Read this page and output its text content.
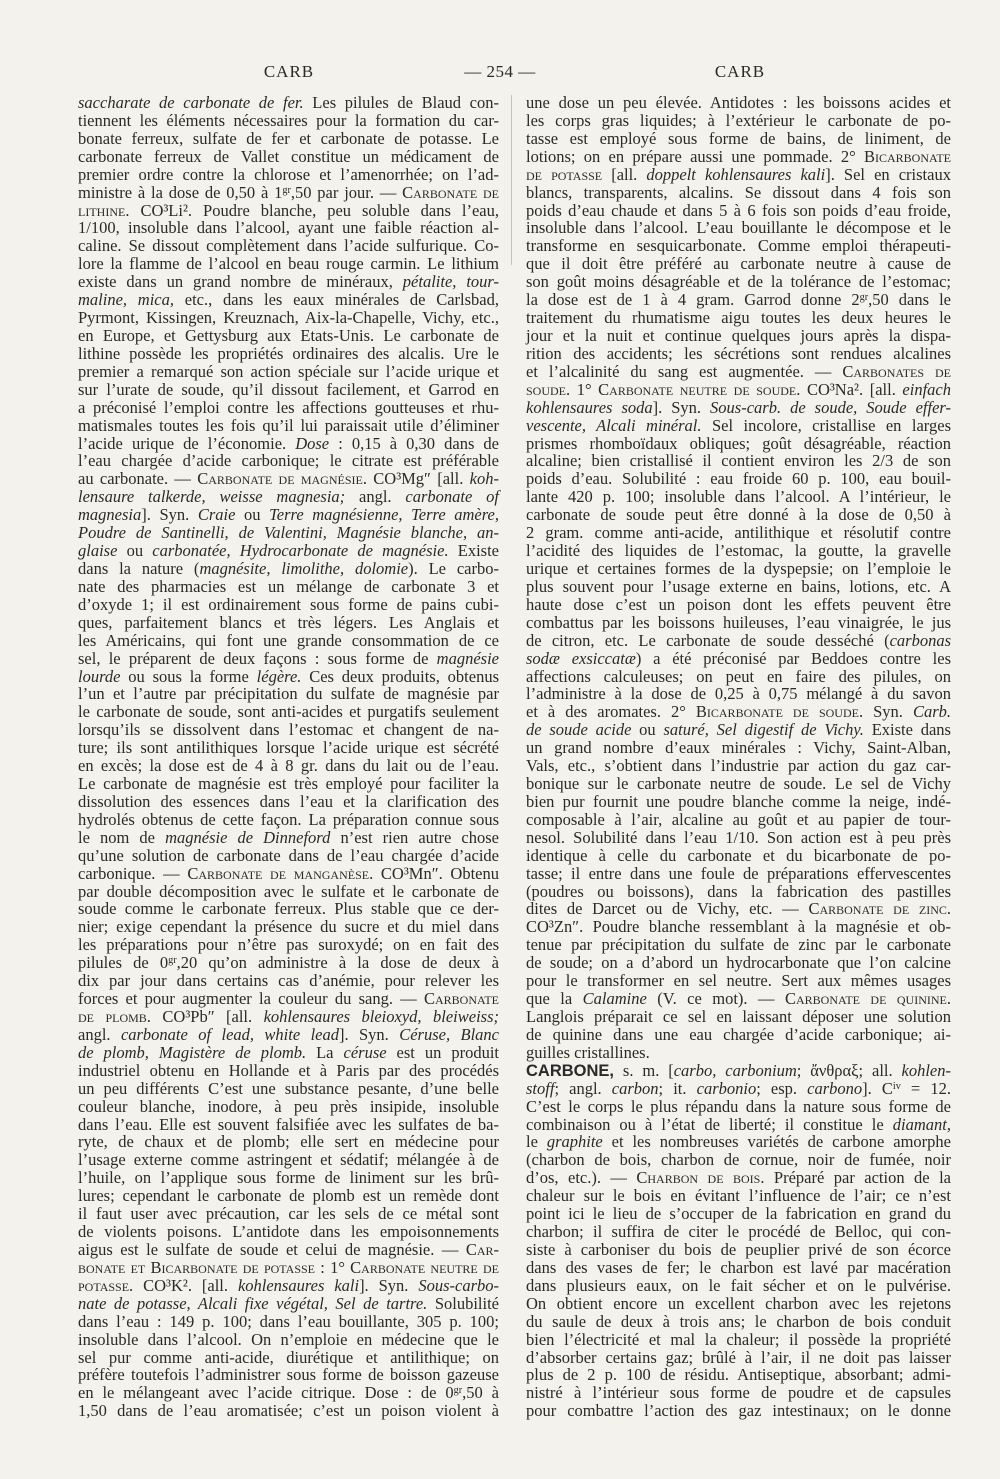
CARB	— 254 —	CARB
saccharate de carbonate de fer. Les pilules de Blaud con-
tiennent les éléments nécessaires pour la formation du car-
bonate ferreux, sulfate de fer et carbonate de potasse. Le
carbonate ferreux de Vallet constitue un médicament de
premier ordre contre la chlorose et l’amenorrhée; on l’ad-
ministre à la dose de 0,50 à $1^{gr},50$ par jour. — Carbonate de
lithine. CO³Li². Poudre blanche, peu soluble dans l’eau,
1/100, insoluble dans l’alcool, ayant une faible réaction al-
caline. Se dissout complètement dans l’acide sulfurique. Co-
lore la flamme de l’alcool en beau rouge carmin. Le lithium
existe dans un grand nombre de minéraux, pétalite, tour-
maline, mica, etc., dans les eaux minérales de Carlsbad,
Pyrmont, Kissingen, Kreuznach, Aix-la-Chapelle, Vichy, etc.,
en Europe, et Gettysburg aux Etats-Unis. Le carbonate de
lithine possède les propriétés ordinaires des alcalis. Ure le
premier a remarqué son action spéciale sur l’acide urique et
sur l’urate de soude, qu’il dissout facilement, et Garrod en
a préconisé l’emploi contre les affections goutteuses et rhu-
matismales toutes les fois qu’il lui paraissait utile d’éliminer
l’acide urique de l’économie. Dose : 0,15 à 0,30 dans de
l’eau chargée d’acide carbonique; le citrate est préférable
au carbonate. — Carbonate de magnésie. CO³Mg″ [all. koh-
lensaure talkerde, weisse magnesia; angl. carbonate of
magnesia]. Syn. Craie ou Terre magnésienne, Terre amère,
Poudre de Santinelli, de Valentini, Magnésie blanche, an-
glaise ou carbonatée, Hydrocarbonate de magnésie. Existe
dans la nature (magnésite, limolithe, dolomie). Le carbo-
nate des pharmacies est un mélange de carbonate 3 et
d’oxyde 1; il est ordinairement sous forme de pains cubi-
ques, parfaitement blancs et très légers. Les Anglais et
les Américains, qui font une grande consommation de ce
sel, le préparent de deux façons : sous forme de magnésie
lourde ou sous la forme légère. Ces deux produits, obtenus
l’un et l’autre par précipitation du sulfate de magnésie par
le carbonate de soude, sont anti-acides et purgatifs seulement
lorsqu’ils se dissolvent dans l’estomac et changent de na-
ture; ils sont antilithiques lorsque l’acide urique est sécrété
en excès; la dose est de 4 à 8 gr. dans du lait ou de l’eau.
Le carbonate de magnésie est très employé pour faciliter la
dissolution des essences dans l’eau et la clarification des
hydrolés obtenus de cette façon. La préparation connue sous
le nom de magnésie de Dinneford n’est rien autre chose
qu’une solution de carbonate dans de l’eau chargée d’acide
carbonique. — Carbonate de manganèse. CO³Mn″. Obtenu
par double décomposition avec le sulfate et le carbonate de
soude comme le carbonate ferreux. Plus stable que ce der-
nier; exige cependant la présence du sucre et du miel dans
les préparations pour n’être pas suroxydé; on en fait des
pilules de $0^{gr},20$ qu’on administre à la dose de deux à
dix par jour dans certains cas d’anémie, pour relever les
forces et pour augmenter la couleur du sang. — Carbonate
de plomb. CO³Pb″ [all. kohlensaures bleioxyd, bleiweiss;
angl. carbonate of lead, white lead]. Syn. Céruse, Blanc
de plomb, Magistère de plomb. La céruse est un produit
industriel obtenu en Hollande et à Paris par des procédés
un peu différents C’est une substance pesante, d’une belle
couleur blanche, inodore, à peu près insipide, insoluble
dans l’eau. Elle est souvent falsifiée avec les sulfates de ba-
ryte, de chaux et de plomb; elle sert en médecine pour
l’usage externe comme astringent et sédatif; mélangée à de
l’huile, on l’applique sous forme de liniment sur les brû-
lures; cependant le carbonate de plomb est un remède dont
il faut user avec précaution, car les sels de ce métal sont
de violents poisons. L’antidote dans les empoisonnements
aigus est le sulfate de soude et celui de magnésie. — Car-
bonate et Bicarbonate de potasse : 1° Carbonate neutre de
potasse. CO³K². [all. kohlensaures kali]. Syn. Sous-carbo-
nate de potasse, Alcali fixe végétal, Sel de tartre. Solubilité
dans l’eau : 149 p. 100; dans l’eau bouillante, 305 p. 100;
insoluble dans l’alcool. On n’emploie en médecine que le
sel pur comme anti-acide, diurétique et antilithique; on
préfère toutefois l’administrer sous forme de boisson gazeuse
en le mélangeant avec l’acide citrique. Dose : de $0^{gr},50$ à
1,50 dans de l’eau aromatisée; c’est un poison violent à
une dose un peu élevée. Antidotes : les boissons acides et
les corps gras liquides; à l’extérieur le carbonate de po-
tasse est employé sous forme de bains, de liniment, de
lotions; on en prépare aussi une pommade. 2° Bicarbonate
de potasse [all. doppelt kohlensaures kali]. Sel en cristaux
blancs, transparents, alcalins. Se dissout dans 4 fois son
poids d’eau chaude et dans 5 à 6 fois son poids d’eau froide,
insoluble dans l’alcool. L’eau bouillante le décompose et le
transforme en sesquicarbonate. Comme emploi thérapeuti-
que il doit être préféré au carbonate neutre à cause de
son goût moins désagréable et de la tolérance de l’estomac;
la dose est de 1 à 4 gram. Garrod donne $2^{gr},50$ dans le
traitement du rhumatisme aigu toutes les deux heures le
jour et la nuit et continue quelques jours après la dispa-
rition des accidents; les sécrétions sont rendues alcalines
et l’alcalinité du sang est augmentée. — Carbonates de
soude. 1° Carbonate neutre de soude. CO³Na². [all. einfach
kohlensaures soda]. Syn. Sous-carb. de soude, Soude effer-
vescente, Alcali minéral. Sel incolore, cristallise en larges
prismes rhomboïdaux obliques; goût désagréable, réaction
alcaline; bien cristallisé il contient environ les 2/3 de son
poids d’eau. Solubilité : eau froide 60 p. 100, eau bouil-
lante 420 p. 100; insoluble dans l’alcool. A l’intérieur, le
carbonate de soude peut être donné à la dose de 0,50 à
2 gram. comme anti-acide, antilithique et résolutif contre
l’acidité des liquides de l’estomac, la goutte, la gravelle
urique et certaines formes de la dyspepsie; on l’emploie le
plus souvent pour l’usage externe en bains, lotions, etc. A
haute dose c’est un poison dont les effets peuvent être
combattus par les boissons huileuses, l’eau vinaigrée, le jus
de citron, etc. Le carbonate de soude desséché (carbonas
sodæ exsiccatæ) a été préconisé par Beddoes contre les
affections calculeuses; on peut en faire des pilules, on
l’administre à la dose de 0,25 à 0,75 mélangé à du savon
et à des aromates. 2° Bicarbonate de soude. Syn. Carb.
de soude acide ou saturé, Sel digestif de Vichy. Existe dans
un grand nombre d’eaux minérales : Vichy, Saint-Alban,
Vals, etc., s’obtient dans l’industrie par action du gaz car-
bonique sur le carbonate neutre de soude. Le sel de Vichy
bien pur fournit une poudre blanche comme la neige, indé-
composable à l’air, alcaline au goût et au papier de tour-
nesol. Solubilité dans l’eau 1/10. Son action est à peu près
identique à celle du carbonate et du bicarbonate de po-
tasse; il entre dans une foule de préparations effervescentes
(poudres ou boissons), dans la fabrication des pastilles
dites de Darcet ou de Vichy, etc. — Carbonate de zinc.
CO³Zn″. Poudre blanche ressemblant à la magnésie et ob-
tenue par précipitation du sulfate de zinc par le carbonate
de soude; on a d’abord un hydrocarbonate que l’on calcine
pour le transformer en sel neutre. Sert aux mêmes usages
que la Calamine (V. ce mot). — Carbonate de quinine.
Langlois préparait ce sel en laissant déposer une solution
de quinine dans une eau chargée d’acide carbonique; ai-
guilles cristallines.
CARBONE, s. m. [carbo, carbonium; ἄνθραξ; all. kohlen-
stoff; angl. carbon; it. carbonio; esp. carbono]. $C^{iv} = 12$.
C’est le corps le plus répandu dans la nature sous forme de
combinaison ou à l’état de liberté; il constitue le diamant,
le graphite et les nombreuses variétés de carbone amorphe
(charbon de bois, charbon de cornue, noir de fumée, noir
d’os, etc.). — Charbon de bois. Préparé par action de la
chaleur sur le bois en évitant l’influence de l’air; ce n’est
point ici le lieu de s’occuper de la fabrication en grand du
charbon; il suffira de citer le procédé de Belloc, qui con-
siste à carboniser du bois de peuplier privé de son écorce
dans des vases de fer; le charbon est lavé par macération
dans plusieurs eaux, on le fait sécher et on le pulvérise.
On obtient encore un excellent charbon avec les rejetons
du saule de deux à trois ans; le charbon de bois conduit
bien l’électricité et mal la chaleur; il possède la propriété
d’absorber certains gaz; brûlé à l’air, il ne doit pas laisser
plus de 2 p. 100 de résidu. Antiseptique, absorbant; admi-
nistré à l’intérieur sous forme de poudre et de capsules
pour combattre l’action des gaz intestinaux; on le donne
